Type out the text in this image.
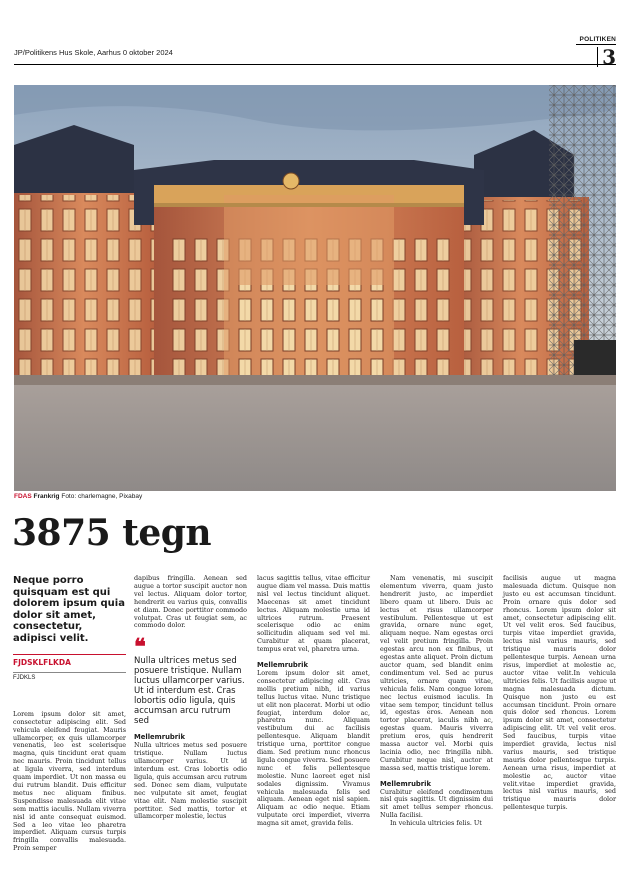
POLITIKEN
3
JP/Politikens Hus Skole, Aarhus 0 oktober 2024
FDAS Frankrig Foto: charlemagne, Pixabay
3875 tegn

Neque porro quisquam est qui dolorem ipsum quia dolor sit amet, consectetur, adipisci velit.

FJDSKLFLKDA
FJDKLS

Lorem ipsum dolor sit amet, consectetur adipiscing elit. Sed vehicula eleifend feugiat. Mauris ullamcorper, ex quis ullamcorper venenatis, leo est scelerisque magna, quis tincidunt erat quam nec mauris. Proin tincidunt tellus at ligula viverra, sed interdum quam imperdiet. Ut non massa eu dui rutrum blandit. Duis efficitur metus nec aliquam finibus. Suspendisse malesuada elit vitae sem mattis iaculis. Nullam viverra nisl id ante consequat euismod. Sed a leo vitae leo pharetra imperdiet. Aliquam cursus turpis fringilla convallis malesuada. Proin semper

dapibus fringilla. Aenean sed augue a tortor suscipit auctor non vel lectus. Aliquam dolor tortor, hendrerit eu varius quis, convallis et diam. Donec porttitor commodo volutpat. Cras ut feugiat sem, ac commodo dolor.

❝

Nulla ultrices metus sed posuere tristique. Nullam luctus ullamcorper varius. Ut id interdum est. Cras lobortis odio ligula, quis accumsan arcu rutrum sed

Mellemrubrik

Nulla ultrices metus sed posuere tristique. Nullam luctus ullamcorper varius. Ut id interdum est. Cras lobortis odio ligula, quis accumsan arcu rutrum sed. Donec sem diam, vulputate nec vulputate sit amet, feugiat vitae elit. Nam molestie suscipit porttitor. Sed mattis, tortor et ullamcorper molestie, lectus

lacus sagittis tellus, vitae efficitur augue diam vel massa. Duis mattis nisl vel lectus tincidunt aliquet. Maecenas sit amet tincidunt lectus. Aliquam molestie urna id ultrices rutrum. Praesent scelerisque odio ac enim sollicitudin aliquam sed vel mi. Curabitur at quam placerat, tempus erat vel, pharetra urna.

Mellemrubrik

Lorem ipsum dolor sit amet, consectetur adipiscing elit. Cras mollis pretium nibh, id varius tellus luctus vitae. Nunc tristique ut elit non placerat. Morbi ut odio feugiat, interdum dolor ac, pharetra nunc. Aliquam vestibulum dui ac facilisis pellentesque. Aliquam blandit tristique urna, porttitor congue diam. Sed pretium nunc rhoncus ligula congue viverra. Sed posuere nunc et felis pellentesque molestie. Nunc laoreet eget nisl sodales dignissim. Vivamus vehicula malesuada felis sed aliquam. Aenean eget nisl sapien. Aliquam ac odio neque. Etiam vulputate orci imperdiet, viverra magna sit amet, gravida felis.

Nam venenatis, mi suscipit elementum viverra, quam justo hendrerit justo, ac imperdiet libero quam ut libero. Duis ac lectus et risus ullamcorper vestibulum. Pellentesque ut est gravida, ornare nunc eget, aliquam neque. Nam egestas orci vel velit pretium fringilla. Proin egestas arcu non ex finibus, ut egestas ante aliquet. Proin dictum auctor quam, sed blandit enim condimentum vel. Sed ac purus ultricies, ornare quam vitae, vehicula felis. Nam congue lorem nec lectus euismod iaculis. In vitae sem tempor, tincidunt tellus id, egestas eros. Aenean non tortor placerat, iaculis nibh ac, egestas quam. Mauris viverra pretium eros, quis hendrerit massa auctor vel. Morbi quis lacinia odio, nec fringilla nibh. Curabitur neque nisl, auctor at massa sed, mattis tristique lorem.

Mellemrubrik

Curabitur eleifend condimentum nisl quis sagittis. Ut dignissim dui sit amet tellus semper rhoncus. Nulla facilisi.

In vehicula ultricies felis. Ut

facilisis augue ut magna malesuada dictum. Quisque non justo eu est accumsan tincidunt. Proin ornare quis dolor sed rhoncus. Lorem ipsum dolor sit amet, consectetur adipiscing elit. Ut vel velit eros. Sed faucibus, turpis vitae imperdiet gravida, lectus nisl varius mauris, sed tristique mauris dolor pellentesque turpis. Aenean urna risus, imperdiet at molestie ac, auctor vitae velit.In vehicula ultricies felis. Ut facilisis augue ut magna malesuada dictum. Quisque non justo eu est accumsan tincidunt. Proin ornare quis dolor sed rhoncus. Lorem ipsum dolor sit amet, consectetur adipiscing elit. Ut vel velit eros. Sed faucibus, turpis vitae imperdiet gravida, lectus nisl varius mauris, sed tristique mauris dolor pellentesque turpis. Aenean urna risus, imperdiet at molestie ac, auctor vitae velit.vitae imperdiet gravida, lectus nisl varius mauris, sed tristique mauris dolor pellentesque turpis.
